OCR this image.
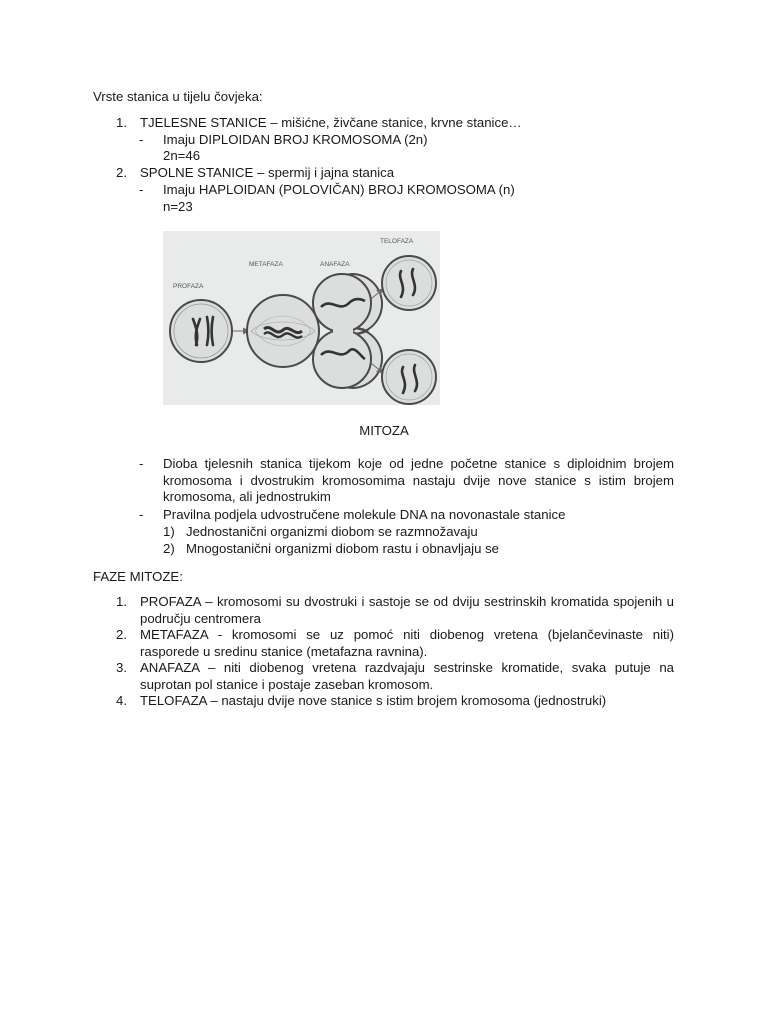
Vrste stanica u tijelu čovjeka:
1. TJELESNE STANICE – mišićne, živčane stanice, krvne stanice…
- Imaju DIPLOIDAN BROJ KROMOSOMA (2n)
2n=46
2. SPOLNE STANICE – spermij i jajna stanica
- Imaju HAPLOIDAN (POLOVIČAN) BROJ KROMOSOMA (n)
n=23
PROFAZA
METAFAZA	ANAFAZA
TELOFAZA
MITOZA
- Dioba tjelesnih stanica tijekom koje od jedne početne stanice s diploidnim brojem kromosoma i dvostrukim kromosomima nastaju dvije nove stanice s istim brojem kromosoma, ali jednostrukim
- Pravilna podjela udvostručene molekule DNA na novonastale stanice
1) Jednostanični organizmi diobom se razmnožavaju
2) Mnogostanični organizmi diobom rastu i obnavljaju se
FAZE MITOZE:
1. PROFAZA – kromosomi su dvostruki i sastoje se od dviju sestrinskih kromatida spojenih u području centromera
2. METAFAZA - kromosomi se uz pomoć niti diobenog vretena (bjelančevinaste niti) rasporede u sredinu stanice (metafazna ravnina).
3. ANAFAZA – niti diobenog vretena razdvajaju sestrinske kromatide, svaka putuje na suprotan pol stanice i postaje zaseban kromosom.
4. TELOFAZA – nastaju dvije nove stanice s istim brojem kromosoma (jednostruki)
